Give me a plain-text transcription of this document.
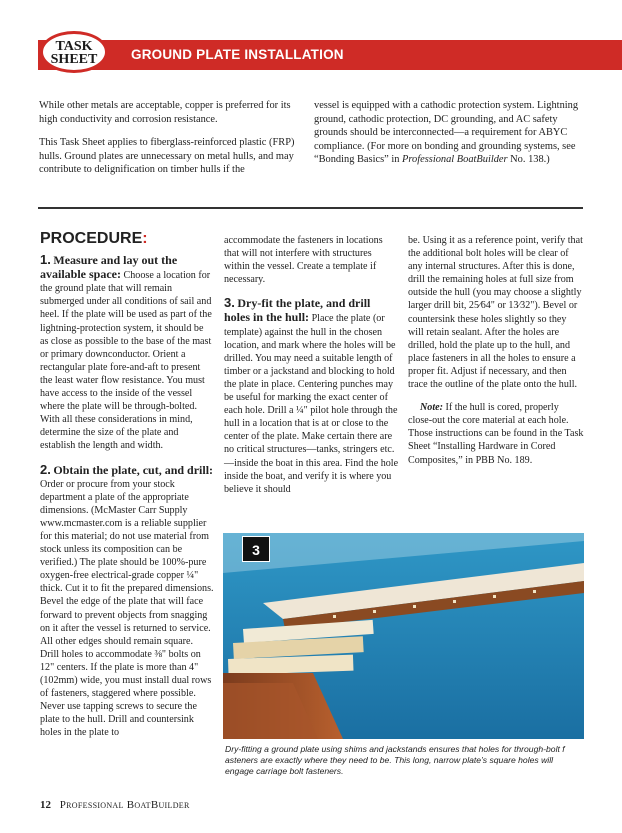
TASK
SHEET	GROUND PLATE INSTALLATION

While other metals are acceptable, copper is preferred for its high conductivity and corrosion resistance.

This Task Sheet applies to fiberglass-reinforced plastic (FRP) hulls. Ground plates are unnecessary on metal hulls, and may contribute to delignification on timber hulls if the

vessel is equipped with a cathodic protection system. Lightning ground, cathodic protection, DC grounding, and AC safety grounds should be interconnected—a requirement for ABYC compliance. (For more on bonding and grounding systems, see “Bonding Basics” in Professional BoatBuilder No. 138.)

PROCEDURE:

1. Measure and lay out the available space: Choose a location for the ground plate that will remain submerged under all conditions of sail and heel. If the plate will be used as part of the lightning-protection system, it should be as close as possible to the base of the mast or primary downconductor. Orient a rectangular plate fore-and-aft to present the least water flow resistance. You must have access to the inside of the vessel where the plate will be through-bolted. With all these considerations in mind, determine the size of the plate and establish the length and width.

2. Obtain the plate, cut, and drill: Order or procure from your stock department a plate of the appropriate dimensions. (McMaster Carr Supply www.mcmaster.com is a reliable supplier for this material; do not use material from stock unless its composition can be verified.) The plate should be 100%-pure oxygen-free electrical-grade copper ¼" thick. Cut it to fit the prepared dimensions. Bevel the edge of the plate that will face forward to prevent objects from snagging on it after the vessel is returned to service. All other edges should remain square. Drill holes to accommodate ⅜" bolts on 12" centers. If the plate is more than 4" (102mm) wide, you must install dual rows of fasteners, staggered where possible. Never use tapping screws to secure the plate to the hull. Drill and countersink holes in the plate to

accommodate the fasteners in locations that will not interfere with structures within the vessel. Create a template if necessary.

3. Dry-fit the plate, and drill holes in the hull: Place the plate (or template) against the hull in the chosen location, and mark where the holes will be drilled. You may need a suitable length of timber or a jackstand and blocking to hold the plate in place. Centering punches may be useful for marking the exact center of each hole. Drill a ¼" pilot hole through the hull in a location that is at or close to the center of the plate. Make certain there are no critical structures—tanks, stringers etc.—inside the boat in this area. Find the hole inside the boat, and verify it is where you believe it should

be. Using it as a reference point, verify that the additional bolt holes will be clear of any internal structures. After this is done, drill the remaining holes at full size from outside the hull (you may choose a slightly larger drill bit, 25⁄64" or 13⁄32"). Bevel or countersink these holes slightly so they will retain sealant. After the holes are drilled, hold the plate up to the hull, and place fasteners in all the holes to ensure a proper fit. Adjust if necessary, and then trace the outline of the plate onto the hull.

Note: If the hull is cored, properly close-out the core material at each hole. Those instructions can be found in the Task Sheet “Installing Hardware in Cored Composites,” in PBB No. 189.

3
Dry-fitting a ground plate using shims and jackstands ensures that holes for through-bolt f asteners are exactly where they need to be. This long, narrow plate’s square holes will engage carriage bolt fasteners.
12 Professional BoatBuilder
